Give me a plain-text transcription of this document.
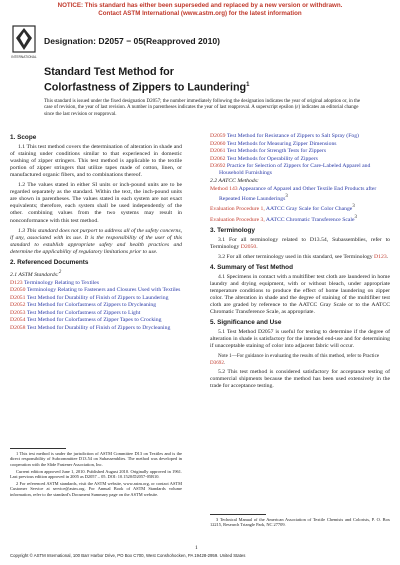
NOTICE: This standard has either been superseded and replaced by a new version or withdrawn.
Contact ASTM International (www.astm.org) for the latest information
INTERNATIONAL
Designation: D2057 − 05(Reapproved 2010)
Standard Test Method for
Colorfastness of Zippers to Laundering$^1$
This standard is issued under the fixed designation D2057; the number immediately following the designation indicates the year of original adoption or, in the case of revision, the year of last revision. A number in parentheses indicates the year of last reapproval. A superscript epsilon (ε) indicates an editorial change since the last revision or reapproval.
1. Scope

1.1 This test method covers the determination of alteration in shade and of staining under conditions similar to that experienced in domestic washing of zipper stringers. This test method is applicable to the textile portion of zipper stringers that utilize tapes made of cotton, linen, or manufactured organic fibers, and to combinations thereof.

1.2 The values stated in either SI units or inch-pound units are to be regarded separately as the standard. Within the text, the inch-pound units are shown in parentheses. The values stated in each system are not exact equivalents; therefore, each system shall be used independently of the other. combining values from the two systems may result in nonconformance with this test method.

1.3 This standard does not purport to address all of the safety concerns, if any, associated with its use. It is the responsibility of the user of this standard to establish appropriate safety and health practices and determine the applicability of regulatory limitations prior to use.

2. Referenced Documents
2.1 ASTM Standards:$^2$
D123 Terminology Relating to Textiles
D2050 Terminology Relating to Fasteners and Closures Used with Textiles
D2051 Test Method for Durability of Finish of Zippers to Laundering
D2052 Test Method for Colorfastness of Zippers to Drycleaning
D2053 Test Method for Colorfastness of Zippers to Light
D2054 Test Method for Colorfastness of Zipper Tapes to Crocking
D2058 Test Method for Durability of Finish of Zippers to Drycleaning

1 This test method is under the jurisdiction of ASTM Committee D13 on Textiles and is the direct responsibility of Subcommittee D13.54 on Subassemblies. The method was developed in cooperation with the Slide Fastener Association, Inc.

Current edition approved June 1, 2010. Published August 2010. Originally approved in 1961. Last previous edition approved in 2005 as D2057 – 05. DOI: 10.1520/D2057-05R10.

2 For referenced ASTM standards, visit the ASTM website, www.astm.org, or contact ASTM Customer Service at service@astm.org. For Annual Book of ASTM Standards volume information, refer to the standard's Document Summary page on the ASTM website.

D2059 Test Method for Resistance of Zippers to Salt Spray (Fog)
D2060 Test Methods for Measuring Zipper Dimensions
D2061 Test Methods for Strength Tests for Zippers
D2062 Test Methods for Operability of Zippers
D3692 Practice for Selection of Zippers for Care-Labeled Apparel and Household Furnishings
2.2 AATCC Methods:
Method 143 Appearance of Apparel and Other Textile End Products after Repeated Home Launderings$^3$
Evaluation Procedure 1, AATCC Gray Scale for Color Change$^3$
Evaluation Procedure 3, AATCC Chromatic Transference Scale$^3$
3. Terminology

3.1 For all terminology related to D13.54, Subassemblies, refer to Terminology D2050.

3.2 For all other terminology used in this standard, see Terminology D123.

4. Summary of Test Method

4.1 Specimens in contact with a multifiber test cloth are laundered in home laundry and drying equipment, with or without bleach, under appropriate temperature conditions to produce the effect of home laundering on zipper color. The alteration in shade and the degree of staining of the multifiber test cloth are graded by reference to the AATCC Gray Scale or to the AATCC Chromatic Transference Scale, as appropriate.

5. Significance and Use

5.1 Test Method D2057 is useful for testing to determine if the degree of alteration in shade is satisfactory for the intended end-use and for determining if unacceptable staining of color into adjacent fabric will occur.

Note 1—For guidance in evaluating the results of this method, refer to Practice D3692.

5.2 This test method is considered satisfactory for acceptance testing of commercial shipments because the method has been used extensively in the trade for acceptance testing.

3 Technical Manual of the American Association of Textile Chemists and Colorists, P. O. Box 12215, Research Triangle Park, NC 27709.

1
Copyright © ASTM International, 100 Barr Harbor Drive, PO Box C700, West Conshohocken, PA 19428-2959. United States
